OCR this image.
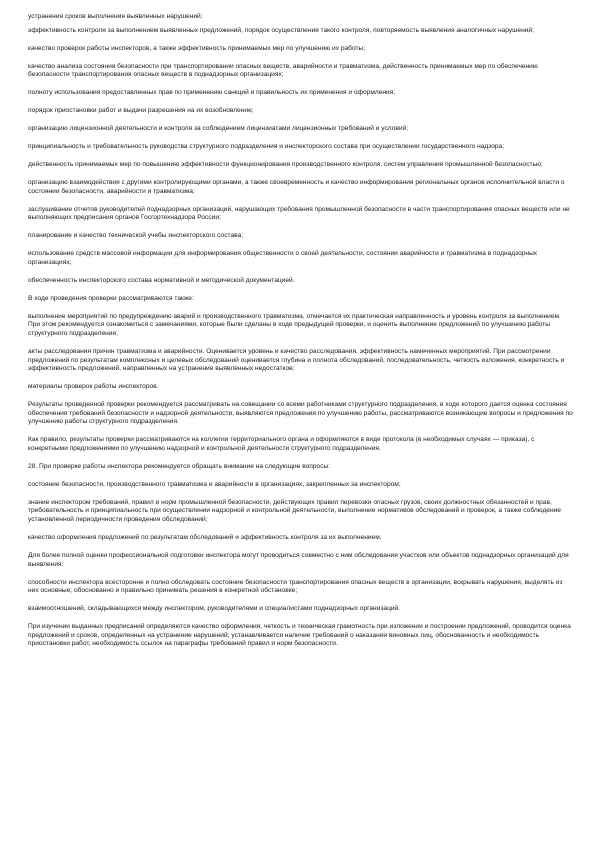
устранения сроков выполнения выявленных нарушений;

эффективность контроля за выполнением выявленных предложений, порядок осуществления такого контроля, повторяемость выявления аналогичных нарушений;

качество проверок работы инспекторов, а также эффективность принимаемых мер по улучшению их работы;

качество анализа состояния безопасности при транспортировании опасных веществ, аварийности и травматизма, действенность принимаемых мер по обеспечению безопасности транспортирования опасных веществ в поднадзорных организациях;

полноту использования предоставленных прав по применению санкций и правильность их применения и оформления;

порядок приостановки работ и выдачи разрешения на их возобновление;

организацию лицензионной деятельности и контроля за соблюдением лицензиатами лицензионных требований и условий;

принципиальность и требовательность руководства структурного подразделения и инспекторского состава при осуществлении государственного надзора;

действенность принимаемых мер по повышению эффективности функционирования производственного контроля, систем управления промышленной безопасностью;

организацию взаимодействия с другими контролирующими органами, а также своевременность и качество информирования региональных органов исполнительной власти о состоянии безопасности, аварийности и травматизма;

заслушивание отчетов руководителей поднадзорных организаций, нарушающих требования промышленной безопасности в части транспортирования опасных веществ или не выполняющих предписания органов Госгортехнадзора России;

планирование и качество технической учебы инспекторского состава;

использование средств массовой информации для информирования общественности о своей деятельности, состоянии аварийности и травматизма в поднадзорных организациях;

обеспеченность инспекторского состава нормативной и методической документацией.

В ходе проведения проверки рассматриваются также:

выполнение мероприятий по предупреждению аварий и производственного травматизма, отмечается их практическая направленность и уровень контроля за выполнением. При этом рекомендуется ознакомиться с замечаниями, которые были сделаны в ходе предыдущей проверки, и оценить выполнение предложений по улучшению работы структурного подразделения;

акты расследования причин травматизма и аварийности. Оценивается уровень и качество расследования, эффективность намеченных мероприятий. При рассмотрении предложений по результатам комплексных и целевых обследований оценивается глубина и полнота обследований, последовательность, четкость изложения, конкретность и эффективность предложений, направленных на устранение выявленных недостатков;

материалы проверок работы инспекторов.

Результаты проведенной проверки рекомендуется рассматривать на совещании со всеми работниками структурного подразделения, в ходе которого дается оценка состояния обеспечения требований безопасности и надзорной деятельности, выявляются предложения по улучшению работы, рассматриваются возникающие вопросы и предложения по улучшению работы структурного подразделения.

Как правило, результаты проверки рассматриваются на коллегии территориального органа и оформляются в виде протокола (в необходимых случаях — приказа), с конкретными предложениями по улучшению надзорной и контрольной деятельности структурного подразделения.

28. При проверке работы инспектора рекомендуется обращать внимание на следующие вопросы:

состояние безопасности, производственного травматизма и аварийности в организациях, закрепленных за инспектором;

знание инспектором требований, правил и норм промышленной безопасности, действующих правил перевозки опасных грузов, своих должностных обязанностей и прав, требовательность и принципиальность при осуществлении надзорной и контрольной деятельности, выполнение нормативов обследований и проверок, а также соблюдение установленной периодичности проведения обследований;

качество оформления предложений по результатам обследований и эффективность контроля за их выполнением.

Для более полной оценки профессиональной подготовки инспектора могут проводиться совместно с ним обследования участков или объектов поднадзорных организаций для выявления:

способности инспектора всесторонне и полно обследовать состояние безопасности транспортирования опасных веществ в организации, вскрывать нарушения, выделять из них основные; обоснованно и правильно принимать решения в конкретной обстановке;

взаимоотношений, складывающихся между инспектором, руководителями и специалистами поднадзорных организаций.

При изучении выданных предписаний определяются качество оформления, четкость и техническая грамотность при изложении и построении предложений, проводится оценка предложений и сроков, определенных на устранение нарушений; устанавливается наличие требований о наказании виновных лиц, обоснованность и необходимость приостановки работ, необходимость ссылок на параграфы требований правил и норм безопасности.
